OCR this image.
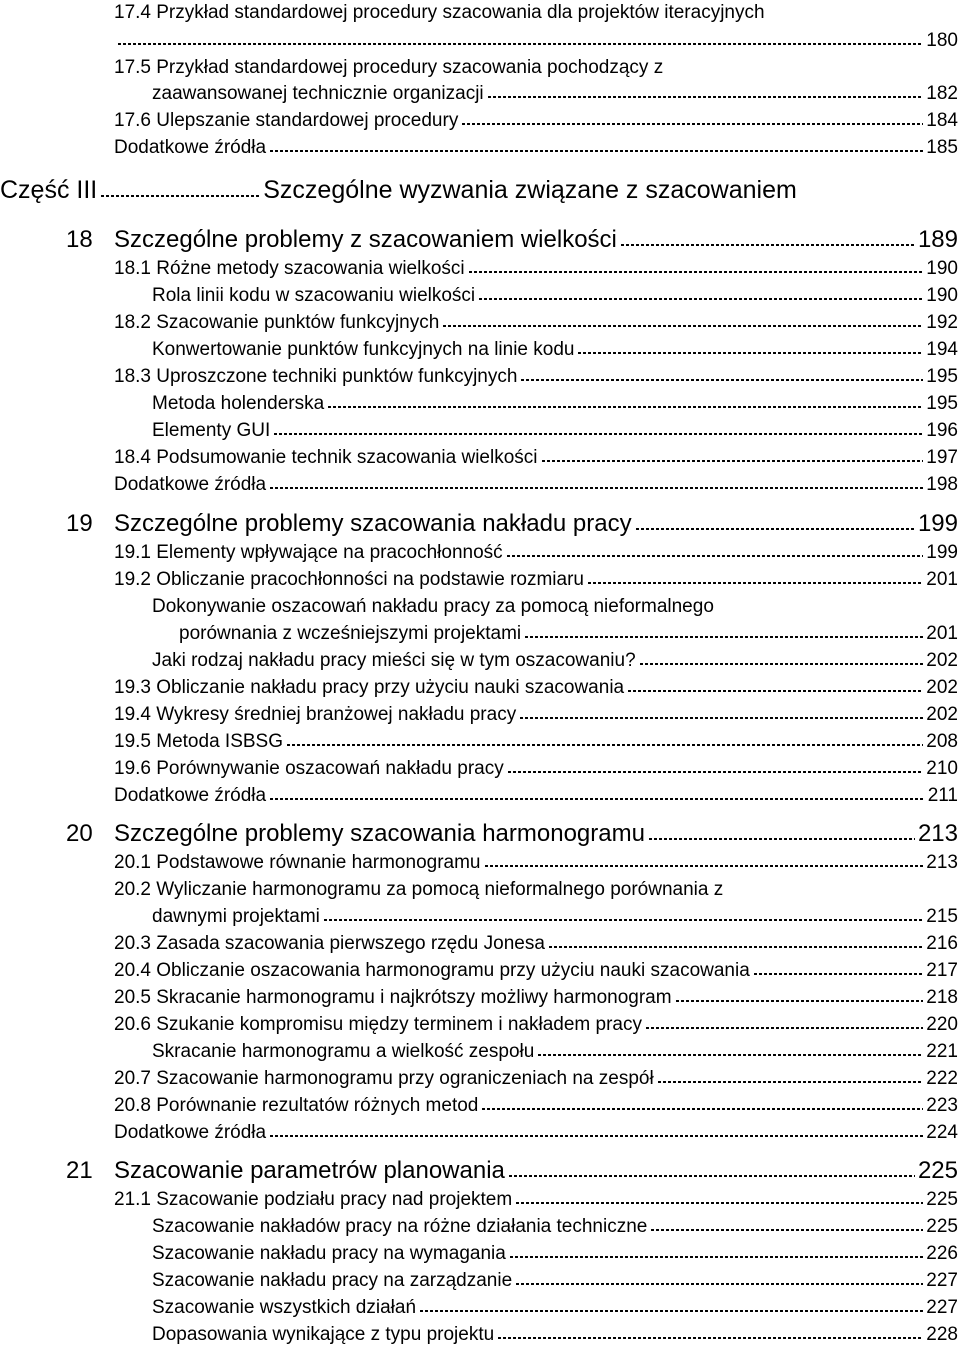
17.4 Przykład standardowej procedury szacowania dla projektów iteracyjnych
180
17.5 Przykład standardowej procedury szacowania pochodzący z
zaawansowanej technicznie organizacji	182
17.6 Ulepszanie standardowej procedury	184
Dodatkowe źródła	185
Część III	Szczególne wyzwania związane z szacowaniem
18 Szczególne problemy z szacowaniem wielkości	189
18.1 Różne metody szacowania wielkości	190
Rola linii kodu w szacowaniu wielkości	190
18.2 Szacowanie punktów funkcyjnych	192
Konwertowanie punktów funkcyjnych na linie kodu	194
18.3 Uproszczone techniki punktów funkcyjnych	195
Metoda holenderska	195
Elementy GUI	196
18.4 Podsumowanie technik szacowania wielkości	197
Dodatkowe źródła	198
19 Szczególne problemy szacowania nakładu pracy	199
19.1 Elementy wpływające na pracochłonność	199
19.2 Obliczanie pracochłonności na podstawie rozmiaru	201
Dokonywanie oszacowań nakładu pracy za pomocą nieformalnego
porównania z wcześniejszymi projektami	201
Jaki rodzaj nakładu pracy mieści się w tym oszacowaniu?	202
19.3 Obliczanie nakładu pracy przy użyciu nauki szacowania	202
19.4 Wykresy średniej branżowej nakładu pracy	202
19.5 Metoda ISBSG	208
19.6 Porównywanie oszacowań nakładu pracy	210
Dodatkowe źródła	211
20 Szczególne problemy szacowania harmonogramu	213
20.1 Podstawowe równanie harmonogramu	213
20.2 Wyliczanie harmonogramu za pomocą nieformalnego porównania z
dawnymi projektami	215
20.3 Zasada szacowania pierwszego rzędu Jonesa	216
20.4 Obliczanie oszacowania harmonogramu przy użyciu nauki szacowania	217
20.5 Skracanie harmonogramu i najkrótszy możliwy harmonogram	218
20.6 Szukanie kompromisu między terminem i nakładem pracy	220
Skracanie harmonogramu a wielkość zespołu	221
20.7 Szacowanie harmonogramu przy ograniczeniach na zespół	222
20.8 Porównanie rezultatów różnych metod	223
Dodatkowe źródła	224
21 Szacowanie parametrów planowania	225
21.1 Szacowanie podziału pracy nad projektem	225
Szacowanie nakładów pracy na różne działania techniczne	225
Szacowanie nakładu pracy na wymagania	226
Szacowanie nakładu pracy na zarządzanie	227
Szacowanie wszystkich działań	227
Dopasowania wynikające z typu projektu	228
